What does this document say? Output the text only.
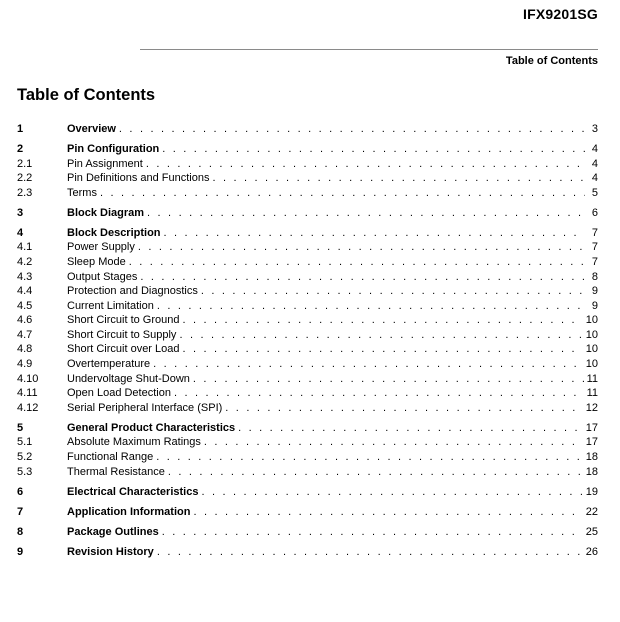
IFX9201SG
Table of Contents
Table of Contents
1	Overview . . .	3
2	Pin Configuration . . .	4
2.1	Pin Assignment . . .	4
2.2	Pin Definitions and Functions . . .	4
2.3	Terms . . .	5
3	Block Diagram . . .	6
4	Block Description . . .	7
4.1	Power Supply . . .	7
4.2	Sleep Mode . . .	7
4.3	Output Stages . . .	8
4.4	Protection and Diagnostics . . .	9
4.5	Current Limitation . . .	9
4.6	Short Circuit to Ground . . .	10
4.7	Short Circuit to Supply . . .	10
4.8	Short Circuit over Load . . .	10
4.9	Overtemperature . . .	10
4.10	Undervoltage Shut-Down . . .	11
4.11	Open Load Detection . . .	11
4.12	Serial Peripheral Interface (SPI) . . .	12
5	General Product Characteristics . . .	17
5.1	Absolute Maximum Ratings . . .	17
5.2	Functional Range . . .	18
5.3	Thermal Resistance . . .	18
6	Electrical Characteristics . . .	19
7	Application Information . . .	22
8	Package Outlines . . .	25
9	Revision History . . .	26
